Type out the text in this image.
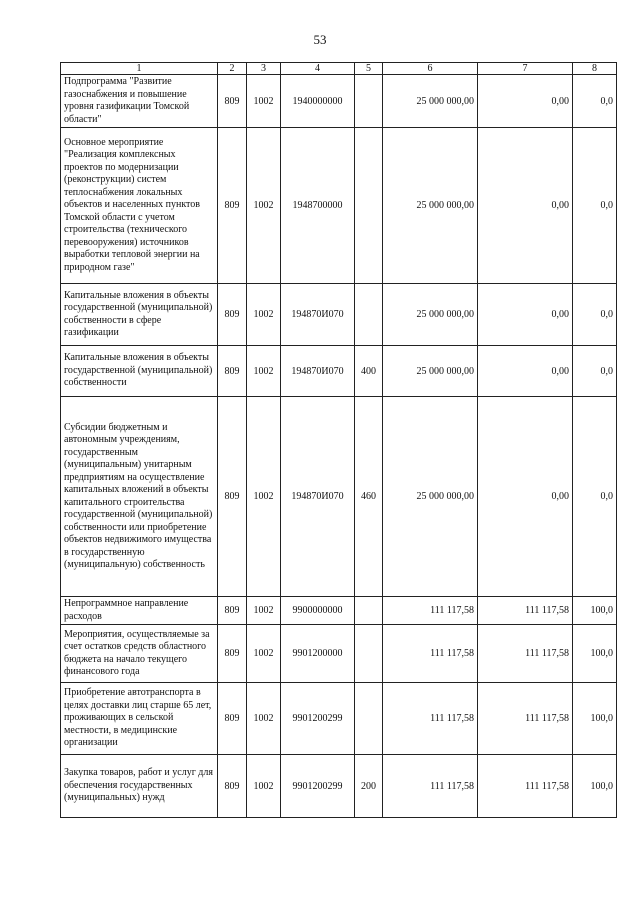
53
1	2	3	4	5	6	7	8
Подпрограмма "Развитие газоснабжения и повышение уровня газификации Томской области"	809	1002	1940000000		25 000 000,00	0,00	0,0
Основное мероприятие "Реализация комплексных проектов по модернизации (реконструкции) систем теплоснабжения локальных объектов и населенных пунктов Томской области с учетом строительства (технического перевооружения) источников выработки тепловой энергии на природном газе"	809	1002	1948700000		25 000 000,00	0,00	0,0
Капитальные вложения в объекты государственной (муниципальной) собственности в сфере газификации	809	1002	194870И070		25 000 000,00	0,00	0,0
Капитальные вложения в объекты государственной (муниципальной) собственности	809	1002	194870И070	400	25 000 000,00	0,00	0,0
Субсидии бюджетным и автономным учреждениям, государственным (муниципальным) унитарным предприятиям на осуществление капитальных вложений в объекты капитального строительства государственной (муниципальной) собственности или приобретение объектов недвижимого имущества в государственную (муниципальную) собственность	809	1002	194870И070	460	25 000 000,00	0,00	0,0
Непрограммное направление расходов	809	1002	9900000000		111 117,58	111 117,58	100,0
Мероприятия, осуществляемые за счет остатков средств областного бюджета на начало текущего финансового года	809	1002	9901200000		111 117,58	111 117,58	100,0
Приобретение автотранспорта в целях доставки лиц старше 65 лет, проживающих в сельской местности, в медицинские организации	809	1002	9901200299		111 117,58	111 117,58	100,0
Закупка товаров, работ и услуг для обеспечения государственных (муниципальных) нужд	809	1002	9901200299	200	111 117,58	111 117,58	100,0
